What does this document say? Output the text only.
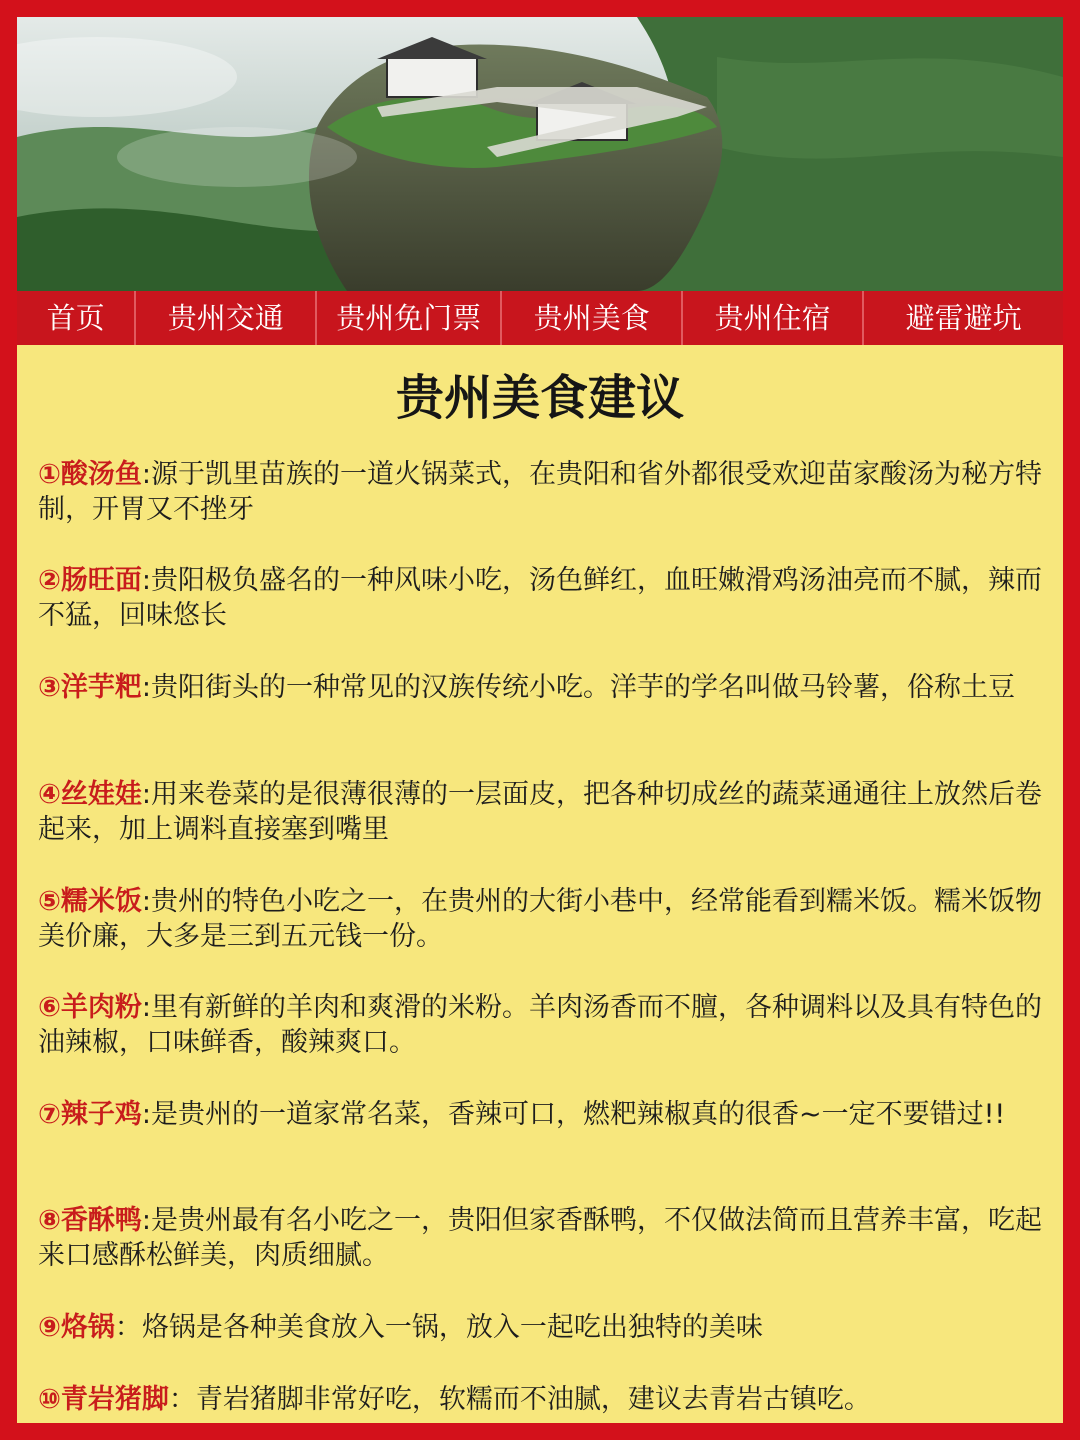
首页	贵州交通	贵州免门票	贵州美食	贵州住宿	避雷避坑
贵州美食建议
①酸汤鱼:源于凯里苗族的一道火锅菜式，在贵阳和省外都很受欢迎苗家酸汤为秘方特制，开胃又不挫牙
②肠旺面:贵阳极负盛名的一种风味小吃，汤色鲜红，血旺嫩滑鸡汤油亮而不腻，辣而不猛，回味悠长
③洋芋粑:贵阳街头的一种常见的汉族传统小吃。洋芋的学名叫做马铃薯，俗称土豆
④丝娃娃:用来卷菜的是很薄很薄的一层面皮，把各种切成丝的蔬菜通通往上放然后卷起来，加上调料直接塞到嘴里
⑤糯米饭:贵州的特色小吃之一，在贵州的大街小巷中，经常能看到糯米饭。糯米饭物美价廉，大多是三到五元钱一份。
⑥羊肉粉:里有新鲜的羊肉和爽滑的米粉。羊肉汤香而不膻，各种调料以及具有特色的油辣椒，口味鲜香，酸辣爽口。
⑦辣子鸡:是贵州的一道家常名菜，香辣可口，燃粑辣椒真的很香~一定不要错过!!
⑧香酥鸭:是贵州最有名小吃之一，贵阳但家香酥鸭，不仅做法简而且营养丰富，吃起来口感酥松鲜美，肉质细腻。
⑨烙锅：烙锅是各种美食放入一锅，放入一起吃出独特的美味
⑩青岩猪脚：青岩猪脚非常好吃，软糯而不油腻，建议去青岩古镇吃。
